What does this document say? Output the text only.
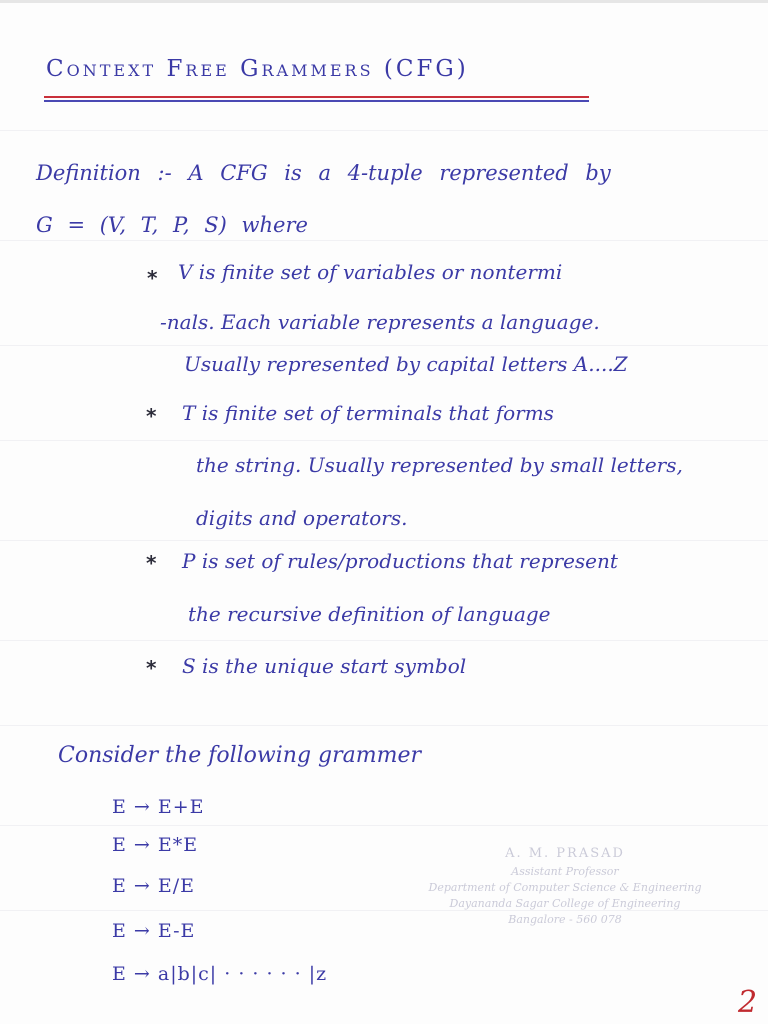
Context Free Grammers (CFG)
Definition :- A CFG is a 4-tuple represented by
G = (V, T, P, S) where
* V is finite set of variables or nontermi
-nals. Each variable represents a language.
Usually represented by capital letters A....Z
* T is finite set of terminals that forms
the string. Usually represented by small letters,
digits and operators.
* P is set of rules/productions that represent
the recursive definition of language
* S is the unique start symbol
Consider the following grammer
E → E+E
E → E*E
E → E/E
E → E-E
E → a|b|c| · · · · · · |z
A. M. PRASAD
Assistant Professor
Department of Computer Science & Engineering
Dayananda Sagar College of Engineering
Bangalore - 560 078
2
